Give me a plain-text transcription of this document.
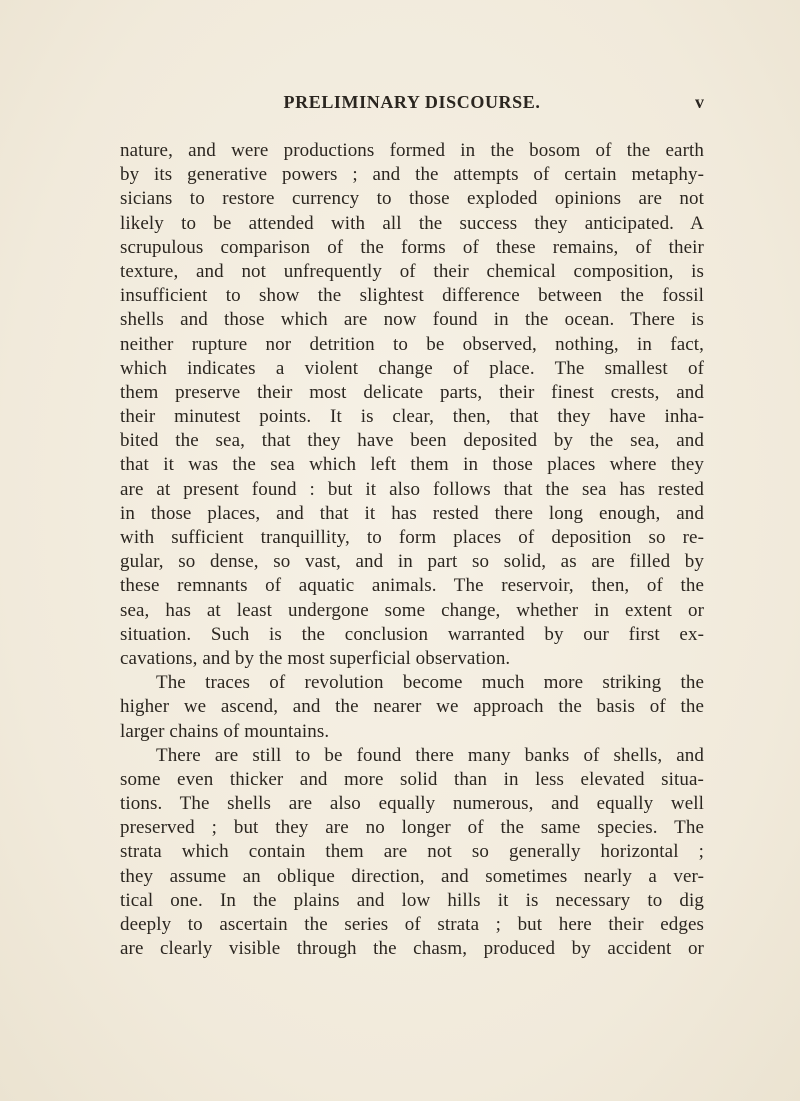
PRELIMINARY DISCOURSE.	v
nature, and were productions formed in the bosom of the earth
by its generative powers ; and the attempts of certain metaphy-
sicians to restore currency to those exploded opinions are not
likely to be attended with all the success they anticipated. A
scrupulous comparison of the forms of these remains, of their
texture, and not unfrequently of their chemical composition, is
insufficient to show the slightest difference between the fossil
shells and those which are now found in the ocean. There is
neither rupture nor detrition to be observed, nothing, in fact,
which indicates a violent change of place. The smallest of
them preserve their most delicate parts, their finest crests, and
their minutest points. It is clear, then, that they have inha-
bited the sea, that they have been deposited by the sea, and
that it was the sea which left them in those places where they
are at present found : but it also follows that the sea has rested
in those places, and that it has rested there long enough, and
with sufficient tranquillity, to form places of deposition so re-
gular, so dense, so vast, and in part so solid, as are filled by
these remnants of aquatic animals. The reservoir, then, of the
sea, has at least undergone some change, whether in extent or
situation. Such is the conclusion warranted by our first ex-
cavations, and by the most superficial observation.
The traces of revolution become much more striking the
higher we ascend, and the nearer we approach the basis of the
larger chains of mountains.
There are still to be found there many banks of shells, and
some even thicker and more solid than in less elevated situa-
tions. The shells are also equally numerous, and equally well
preserved ; but they are no longer of the same species. The
strata which contain them are not so generally horizontal ;
they assume an oblique direction, and sometimes nearly a ver-
tical one. In the plains and low hills it is necessary to dig
deeply to ascertain the series of strata ; but here their edges
are clearly visible through the chasm, produced by accident or
